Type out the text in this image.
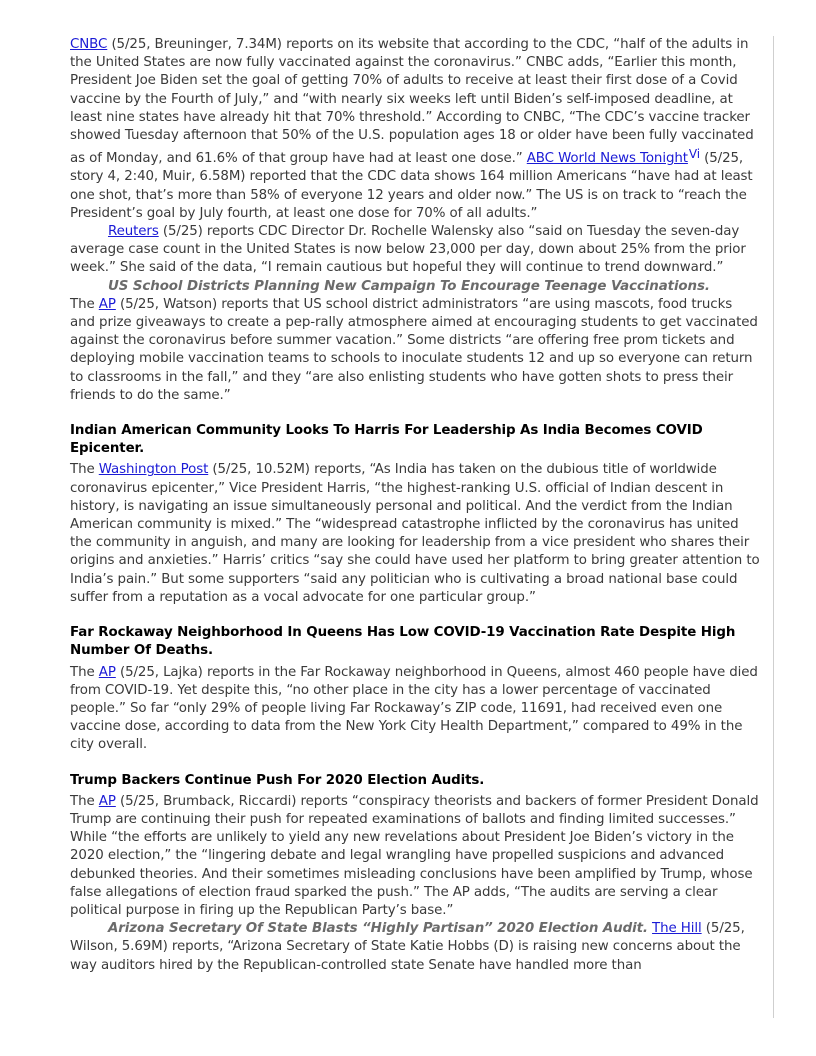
CNBC (5/25, Breuninger, 7.34M) reports on its website that according to the CDC, “half of the adults in the United States are now fully vaccinated against the coronavirus.” CNBC adds, “Earlier this month, President Joe Biden set the goal of getting 70% of adults to receive at least their first dose of a Covid vaccine by the Fourth of July,” and “with nearly six weeks left until Biden’s self-imposed deadline, at least nine states have already hit that 70% threshold.” According to CNBC, “The CDC’s vaccine tracker showed Tuesday afternoon that 50% of the U.S. population ages 18 or older have been fully vaccinated as of Monday, and 61.6% of that group have had at least one dose.” ABC World News TonightVi (5/25, story 4, 2:40, Muir, 6.58M) reported that the CDC data shows 164 million Americans “have had at least one shot, that’s more than 58% of everyone 12 years and older now.” The US is on track to “reach the President’s goal by July fourth, at least one dose for 70% of all adults.”

Reuters (5/25) reports CDC Director Dr. Rochelle Walensky also “said on Tuesday the seven-day average case count in the United States is now below 23,000 per day, down about 25% from the prior week.” She said of the data, “I remain cautious but hopeful they will continue to trend downward.”

US School Districts Planning New Campaign To Encourage Teenage Vaccinations.

The AP (5/25, Watson) reports that US school district administrators “are using mascots, food trucks and prize giveaways to create a pep-rally atmosphere aimed at encouraging students to get vaccinated against the coronavirus before summer vacation.” Some districts “are offering free prom tickets and deploying mobile vaccination teams to schools to inoculate students 12 and up so everyone can return to classrooms in the fall,” and they “are also enlisting students who have gotten shots to press their friends to do the same.”

Indian American Community Looks To Harris For Leadership As India Becomes COVID Epicenter.

The Washington Post (5/25, 10.52M) reports, “As India has taken on the dubious title of worldwide coronavirus epicenter,” Vice President Harris, “the highest-ranking U.S. official of Indian descent in history, is navigating an issue simultaneously personal and political. And the verdict from the Indian American community is mixed.” The “widespread catastrophe inflicted by the coronavirus has united the community in anguish, and many are looking for leadership from a vice president who shares their origins and anxieties.” Harris’ critics “say she could have used her platform to bring greater attention to India’s pain.” But some supporters “said any politician who is cultivating a broad national base could suffer from a reputation as a vocal advocate for one particular group.”

Far Rockaway Neighborhood In Queens Has Low COVID-19 Vaccination Rate Despite High Number Of Deaths.

The AP (5/25, Lajka) reports in the Far Rockaway neighborhood in Queens, almost 460 people have died from COVID-19. Yet despite this, “no other place in the city has a lower percentage of vaccinated people.” So far “only 29% of people living Far Rockaway’s ZIP code, 11691, had received even one vaccine dose, according to data from the New York City Health Department,” compared to 49% in the city overall.

Trump Backers Continue Push For 2020 Election Audits.

The AP (5/25, Brumback, Riccardi) reports “conspiracy theorists and backers of former President Donald Trump are continuing their push for repeated examinations of ballots and finding limited successes.” While “the efforts are unlikely to yield any new revelations about President Joe Biden’s victory in the 2020 election,” the “lingering debate and legal wrangling have propelled suspicions and advanced debunked theories. And their sometimes misleading conclusions have been amplified by Trump, whose false allegations of election fraud sparked the push.” The AP adds, “The audits are serving a clear political purpose in firing up the Republican Party’s base.”

Arizona Secretary Of State Blasts “Highly Partisan” 2020 Election Audit. The Hill (5/25, Wilson, 5.69M) reports, “Arizona Secretary of State Katie Hobbs (D) is raising new concerns about the way auditors hired by the Republican-controlled state Senate have handled more than
